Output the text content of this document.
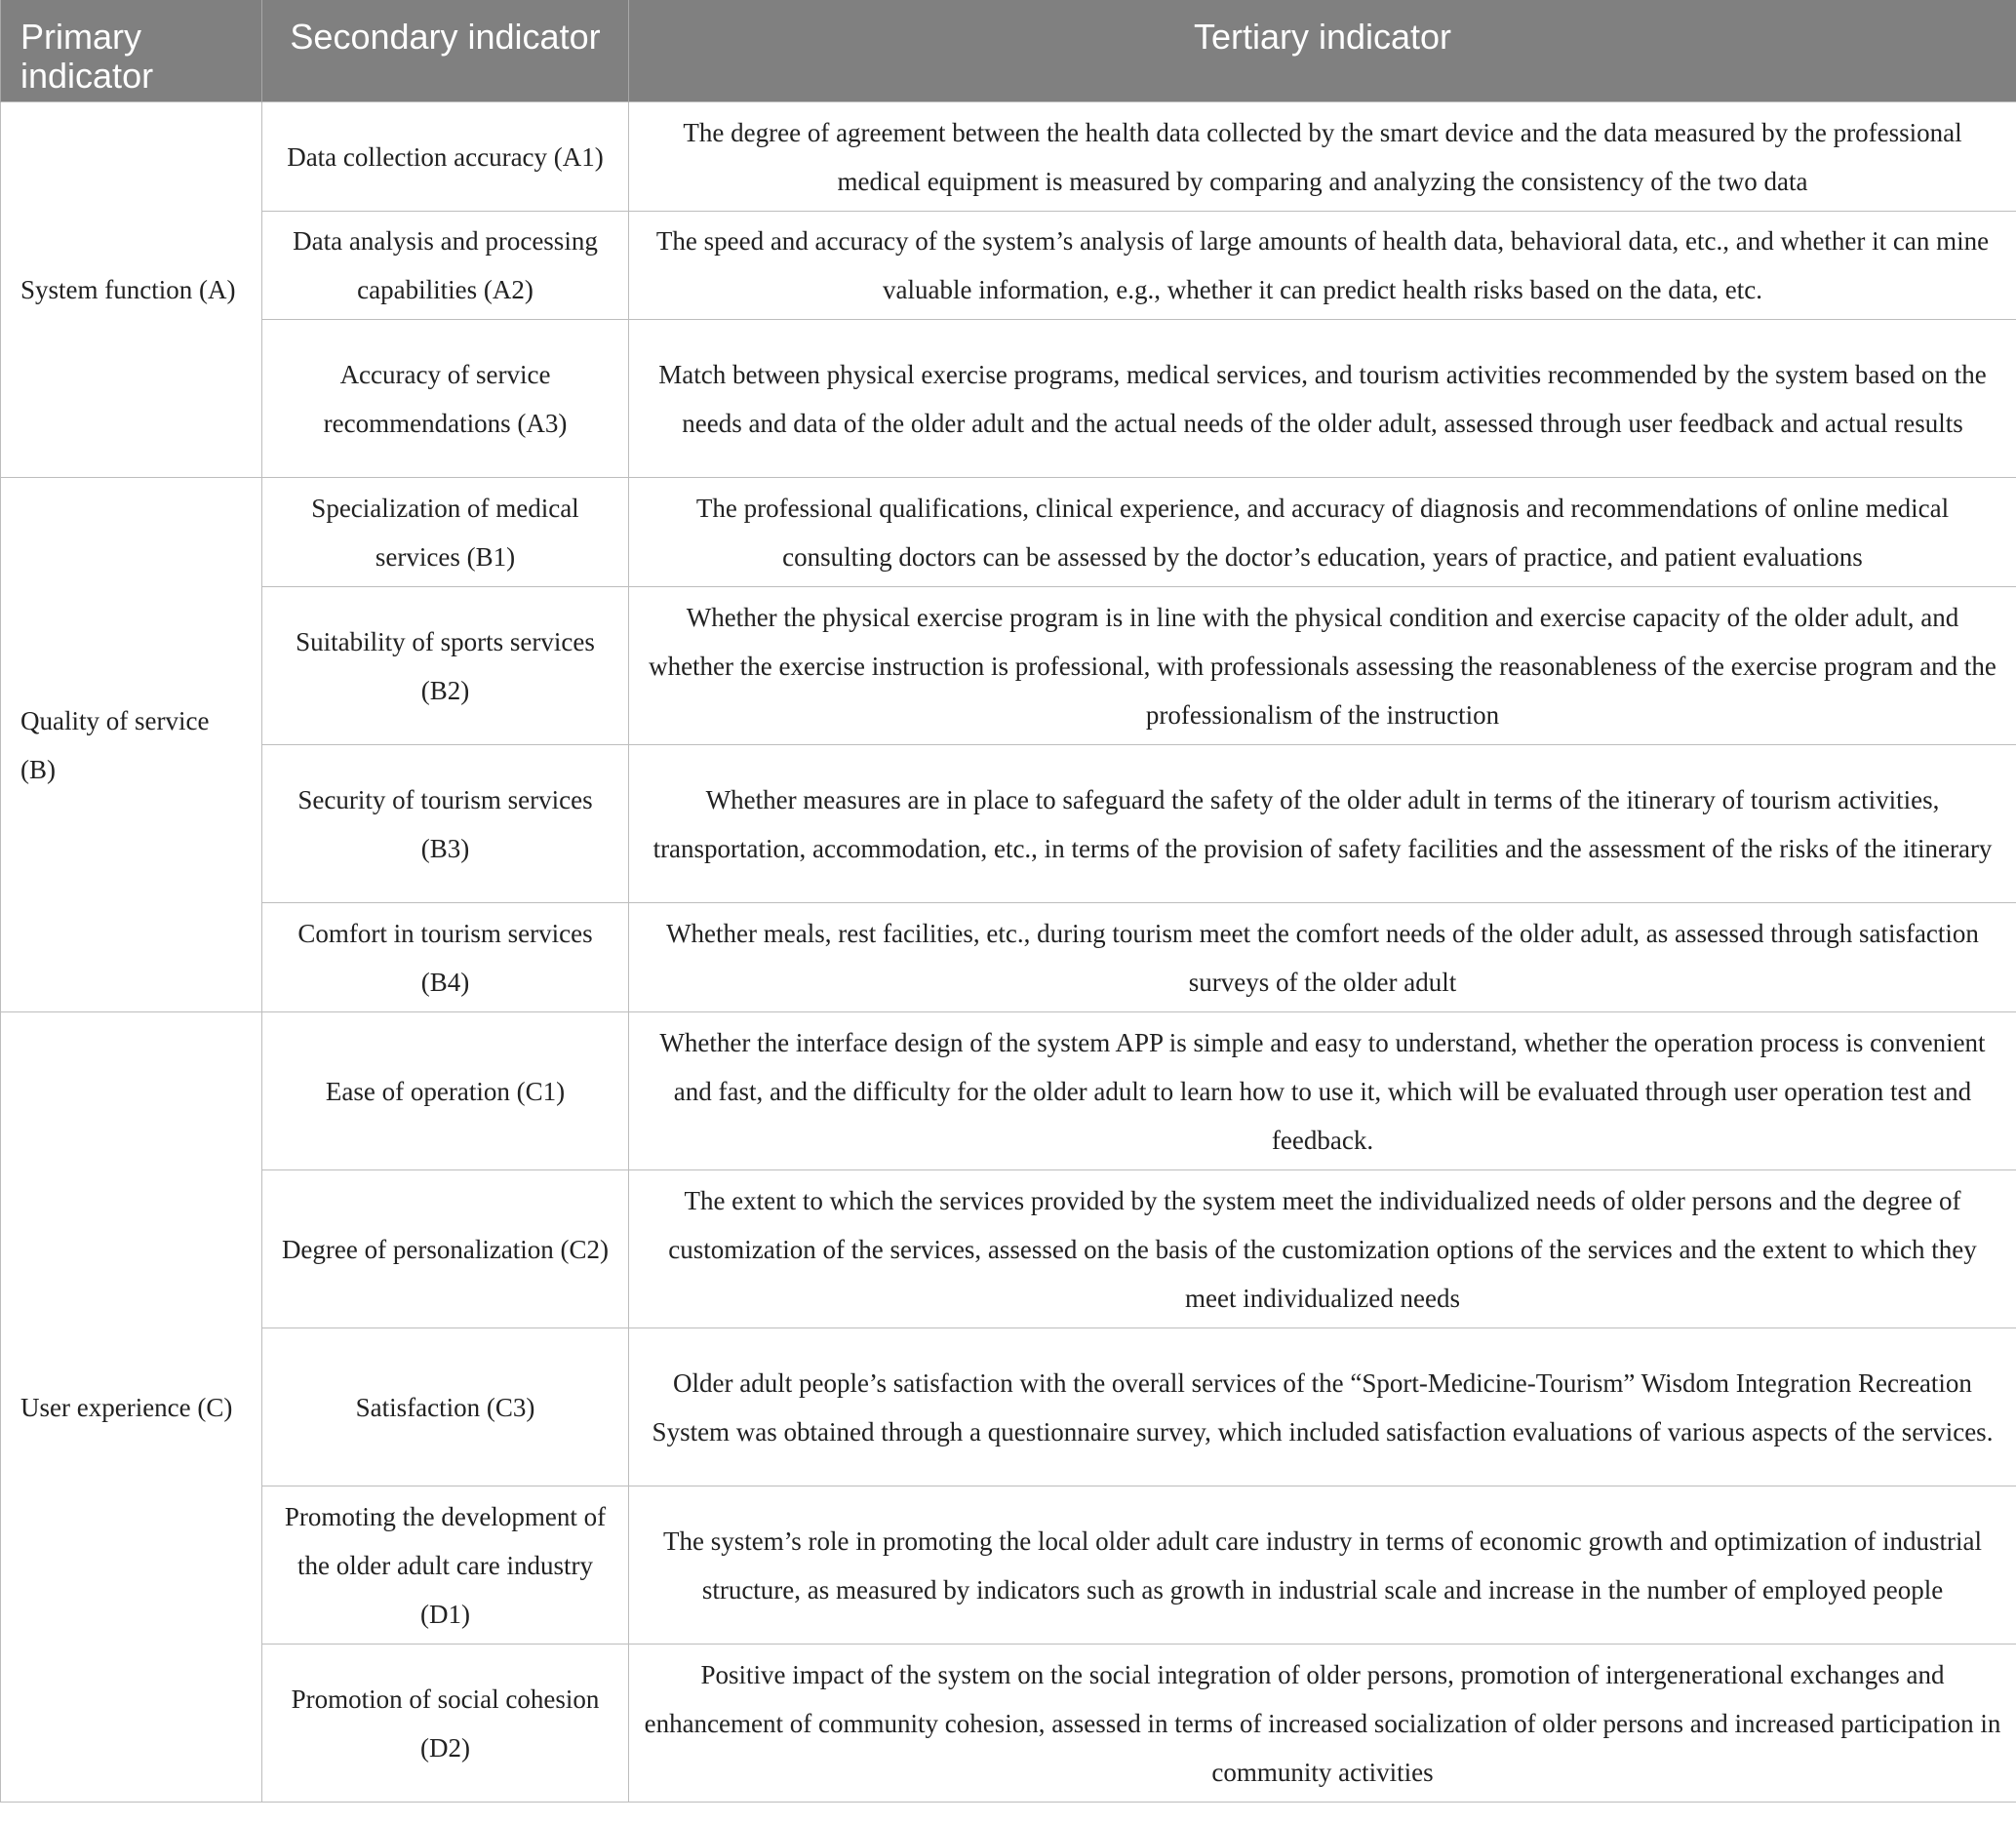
Primary indicator	Secondary indicator	Tertiary indicator
System function (A)	Data collection accuracy (A1)	The degree of agreement between the health data collected by the smart device and the data measured by the professional medical equipment is measured by comparing and analyzing the consistency of the two data
	Data analysis and processing capabilities (A2)	The speed and accuracy of the system’s analysis of large amounts of health data, behavioral data, etc., and whether it can mine valuable information, e.g., whether it can predict health risks based on the data, etc.
	Accuracy of service recommendations (A3)	Match between physical exercise programs, medical services, and tourism activities recommended by the system based on the needs and data of the older adult and the actual needs of the older adult, assessed through user feedback and actual results
Quality of service (B)	Specialization of medical services (B1)	The professional qualifications, clinical experience, and accuracy of diagnosis and recommendations of online medical consulting doctors can be assessed by the doctor’s education, years of practice, and patient evaluations
	Suitability of sports services (B2)	Whether the physical exercise program is in line with the physical condition and exercise capacity of the older adult, and whether the exercise instruction is professional, with professionals assessing the reasonableness of the exercise program and the professionalism of the instruction
	Security of tourism services (B3)	Whether measures are in place to safeguard the safety of the older adult in terms of the itinerary of tourism activities, transportation, accommodation, etc., in terms of the provision of safety facilities and the assessment of the risks of the itinerary
	Comfort in tourism services (B4)	Whether meals, rest facilities, etc., during tourism meet the comfort needs of the older adult, as assessed through satisfaction surveys of the older adult
User experience (C)	Ease of operation (C1)	Whether the interface design of the system APP is simple and easy to understand, whether the operation process is convenient and fast, and the difficulty for the older adult to learn how to use it, which will be evaluated through user operation test and feedback.
	Degree of personalization (C2)	The extent to which the services provided by the system meet the individualized needs of older persons and the degree of customization of the services, assessed on the basis of the customization options of the services and the extent to which they meet individualized needs
	Satisfaction (C3)	Older adult people’s satisfaction with the overall services of the “Sport-Medicine-Tourism” Wisdom Integration Recreation System was obtained through a questionnaire survey, which included satisfaction evaluations of various aspects of the services.
	Promoting the development of the older adult care industry (D1)	The system’s role in promoting the local older adult care industry in terms of economic growth and optimization of industrial structure, as measured by indicators such as growth in industrial scale and increase in the number of employed people
	Promotion of social cohesion (D2)	Positive impact of the system on the social integration of older persons, promotion of intergenerational exchanges and enhancement of community cohesion, assessed in terms of increased socialization of older persons and increased participation in community activities
